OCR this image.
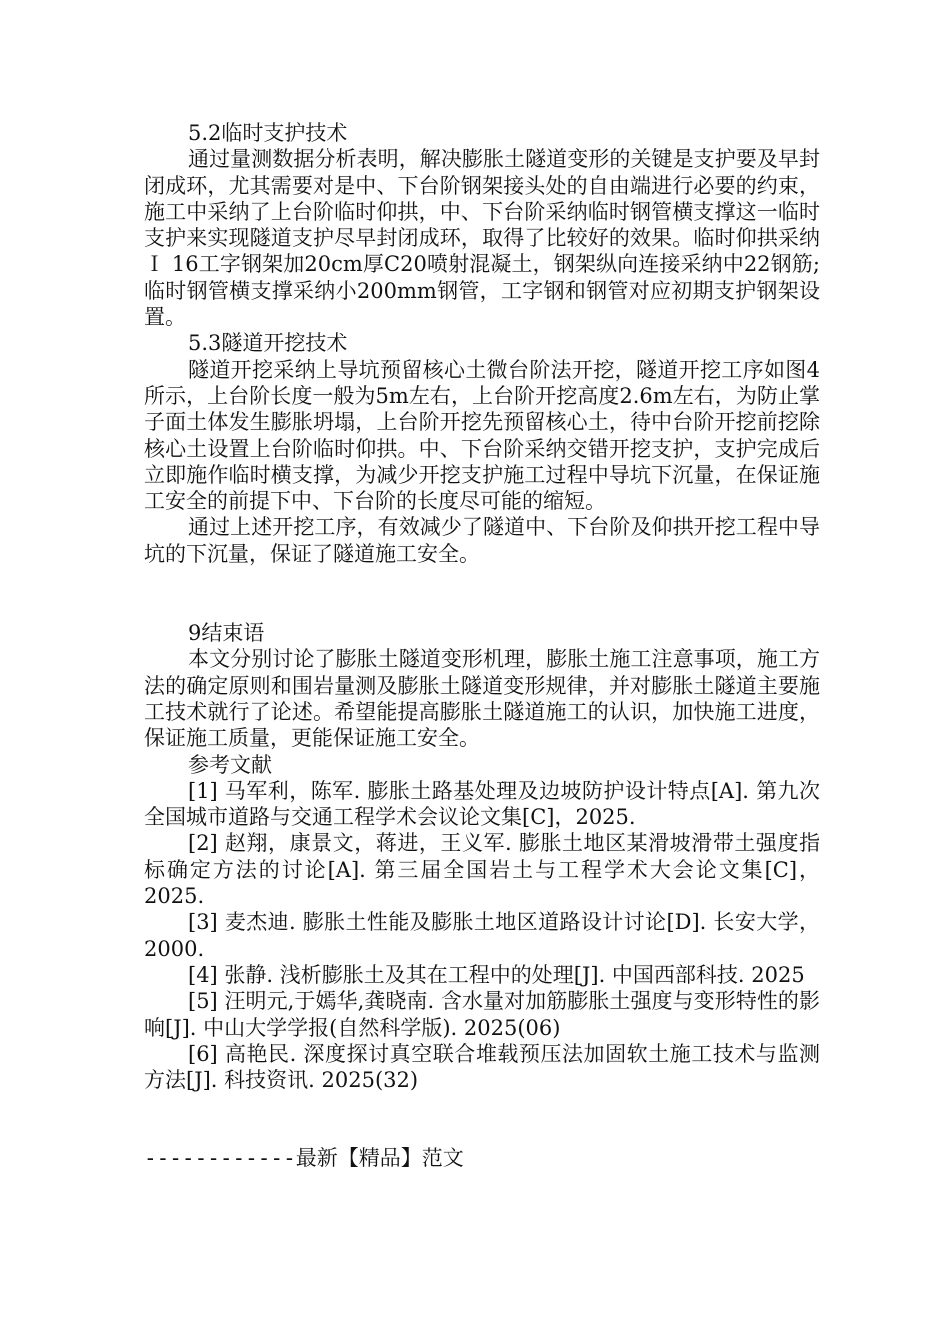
5.2临时支护技术

通过量测数据分析表明，解决膨胀土隧道变形的关键是支护要及早封闭成环，尤其需要对是中、下台阶钢架接头处的自由端进行必要的约束，施工中采纳了上台阶临时仰拱，中、下台阶采纳临时钢管横支撑这一临时支护来实现隧道支护尽早封闭成环，取得了比较好的效果。临时仰拱采纳Ｉ 16工字钢架加20cm厚C20喷射混凝土，钢架纵向连接采纳中22钢筋;临时钢管横支撑采纳小200mm钢管，工字钢和钢管对应初期支护钢架设置。

5.3隧道开挖技术

隧道开挖采纳上导坑预留核心土微台阶法开挖，隧道开挖工序如图4所示，上台阶长度一般为5m左右，上台阶开挖高度2.6m左右，为防止掌子面土体发生膨胀坍塌，上台阶开挖先预留核心土，待中台阶开挖前挖除核心土设置上台阶临时仰拱。中、下台阶采纳交错开挖支护，支护完成后立即施作临时横支撑，为减少开挖支护施工过程中导坑下沉量，在保证施工安全的前提下中、下台阶的长度尽可能的缩短。

通过上述开挖工序，有效减少了隧道中、下台阶及仰拱开挖工程中导坑的下沉量，保证了隧道施工安全。

9结束语

本文分别讨论了膨胀土隧道变形机理，膨胀土施工注意事项，施工方法的确定原则和围岩量测及膨胀土隧道变形规律，并对膨胀土隧道主要施工技术就行了论述。希望能提高膨胀土隧道施工的认识，加快施工进度，保证施工质量，更能保证施工安全。

参考文献

[1] 马军利，陈军. 膨胀土路基处理及边坡防护设计特点[A]. 第九次全国城市道路与交通工程学术会议论文集[C]，2025.

[2] 赵翔，康景文，蒋进，王义军. 膨胀土地区某滑坡滑带土强度指标确定方法的讨论[A]. 第三届全国岩土与工程学术大会论文集[C]，2025.

[3] 麦杰迪. 膨胀土性能及膨胀土地区道路设计讨论[D]. 长安大学，2000.

[4] 张静. 浅析膨胀土及其在工程中的处理[J]. 中国西部科技. 2025

[5] 汪明元,于嫣华,龚晓南. 含水量对加筋膨胀土强度与变形特性的影响[J]. 中山大学学报(自然科学版). 2025(06)

[6] 高艳民. 深度探讨真空联合堆载预压法加固软土施工技术与监测方法[J]. 科技资讯. 2025(32)

------------最新【精品】范文
